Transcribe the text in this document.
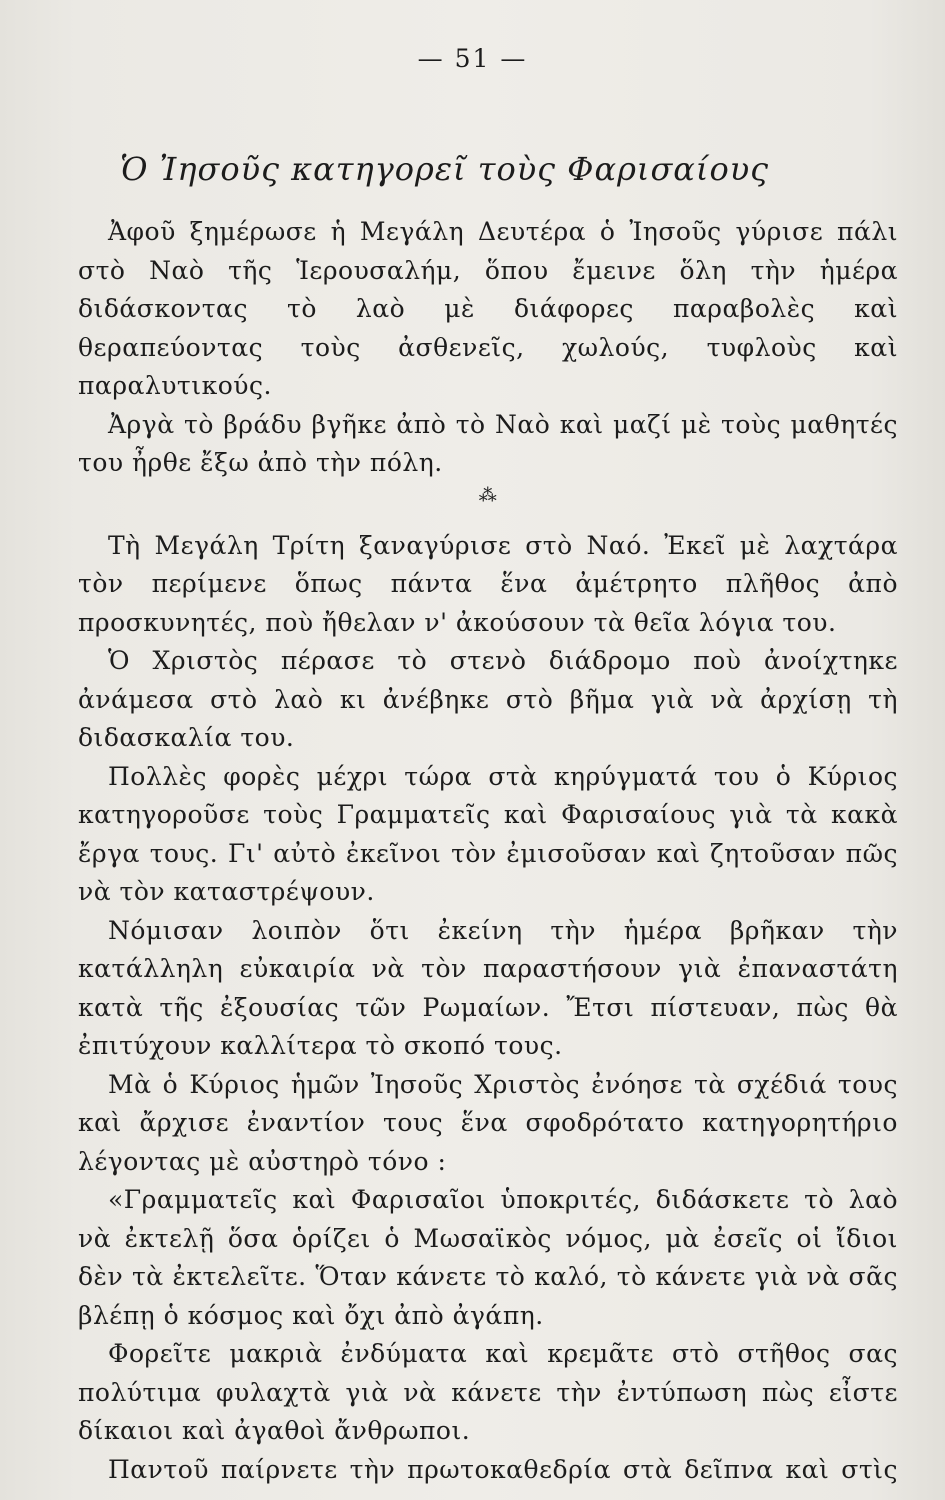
— 51 —
Ὁ Ἰησοῦς κατηγορεῖ τοὺς Φαρισαίους

Ἀφοῦ ξημέρωσε ἡ Μεγάλη Δευτέρα ὁ Ἰησοῦς γύρισε πάλι στὸ Ναὸ τῆς Ἱερουσαλήμ, ὅπου ἔμεινε ὅλη τὴν ἡμέρα διδάσκοντας τὸ λαὸ μὲ διάφορες παραβολὲς καὶ θεραπεύοντας τοὺς ἀσθενεῖς, χωλούς, τυφλοὺς καὶ παραλυτικούς.

Ἀργὰ τὸ βράδυ βγῆκε ἀπὸ τὸ Ναὸ καὶ μαζί μὲ τοὺς μαθητές του ἦρθε ἔξω ἀπὸ τὴν πόλη.

⁂

Τὴ Μεγάλη Τρίτη ξαναγύρισε στὸ Ναό. Ἐκεῖ μὲ λαχτάρα τὸν περίμενε ὅπως πάντα ἕνα ἀμέτρητο πλῆθος ἀπὸ προσκυνητές, ποὺ ἤθελαν ν' ἀκούσουν τὰ θεῖα λόγια του.

Ὁ Χριστὸς πέρασε τὸ στενὸ διάδρομο ποὺ ἀνοίχτηκε ἀνάμεσα στὸ λαὸ κι ἀνέβηκε στὸ βῆμα γιὰ νὰ ἀρχίσῃ τὴ διδασκαλία του.

Πολλὲς φορὲς μέχρι τώρα στὰ κηρύγματά του ὁ Κύριος κατηγοροῦσε τοὺς Γραμματεῖς καὶ Φαρισαίους γιὰ τὰ κακὰ ἔργα τους. Γι' αὐτὸ ἐκεῖνοι τὸν ἐμισοῦσαν καὶ ζητοῦσαν πῶς νὰ τὸν καταστρέψουν.

Νόμισαν λοιπὸν ὅτι ἐκείνη τὴν ἡμέρα βρῆκαν τὴν κατάλληλη εὐκαιρία νὰ τὸν παραστήσουν γιὰ ἐπαναστάτη κατὰ τῆς ἐξουσίας τῶν Ρωμαίων. Ἔτσι πίστευαν, πὼς θὰ ἐπιτύχουν καλλίτερα τὸ σκοπό τους.

Μὰ ὁ Κύριος ἡμῶν Ἰησοῦς Χριστὸς ἐνόησε τὰ σχέδιά τους καὶ ἄρχισε ἐναντίον τους ἕνα σφοδρότατο κατηγορητήριο λέγοντας μὲ αὐστηρὸ τόνο :

«Γραμματεῖς καὶ Φαρισαῖοι ὑποκριτές, διδάσκετε τὸ λαὸ νὰ ἐκτελῇ ὅσα ὁρίζει ὁ Μωσαϊκὸς νόμος, μὰ ἐσεῖς οἱ ἴδιοι δὲν τὰ ἐκτελεῖτε. Ὅταν κάνετε τὸ καλό, τὸ κάνετε γιὰ νὰ σᾶς βλέπῃ ὁ κόσμος καὶ ὄχι ἀπὸ ἀγάπη.

Φορεῖτε μακριὰ ἐνδύματα καὶ κρεμᾶτε στὸ στῆθος σας πολύτιμα φυλαχτὰ γιὰ νὰ κάνετε τὴν ἐντύπωση πὼς εἶστε δίκαιοι καὶ ἀγαθοὶ ἄνθρωποι.

Παντοῦ παίρνετε τὴν πρωτοκαθεδρία στὰ δεῖπνα καὶ στὶς
